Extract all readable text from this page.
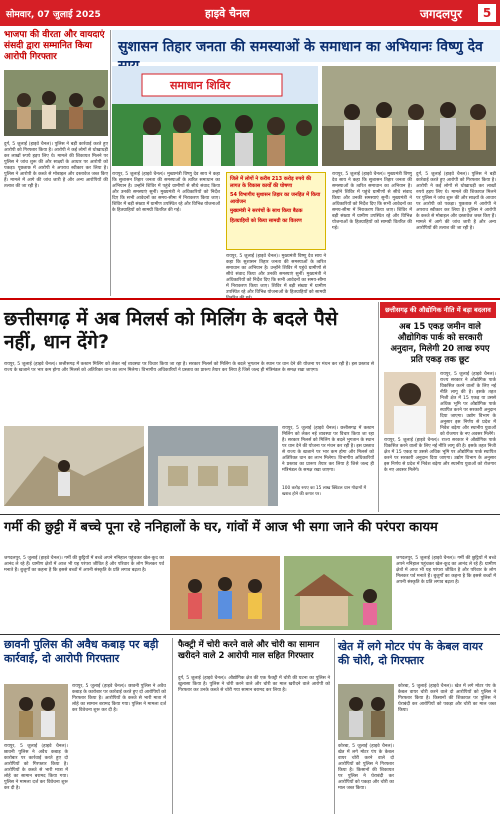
सोमवार, 07 जुलाई 2025	हाइवे चैनल	जगदलपुर	5
भाजपा की वीरता और वायदाएं संसदी द्वारा सम्मानित किया आरोपी गिरफ्तार
दुर्ग, 5 जुलाई (हाइवे चैनल)। पुलिस ने बड़ी कार्रवाई करते हुए आरोपी को गिरफ्तार किया है। आरोपी ने कई लोगों से धोखाधड़ी कर लाखों रुपये हड़प लिए थे। मामले की शिकायत मिलने पर पुलिस ने जांच शुरू की और साक्ष्यों के आधार पर आरोपी को पकड़ा। पूछताछ में आरोपी ने अपराध स्वीकार कर लिया है। पुलिस ने आरोपी के कब्जे से मोबाइल और दस्तावेज जब्त किए हैं। मामले में आगे की जांच जारी है और अन्य आरोपियों की तलाश की जा रही है।
सुशासन तिहार जनता की समस्याओं के समाधान का अभियानः विष्णु देव
समाधान शिविर
रायपुर, 5 जुलाई (हाइवे चैनल)। मुख्यमंत्री विष्णु देव साय ने कहा कि सुशासन तिहार जनता की समस्याओं के त्वरित समाधान का अभियान है। उन्होंने शिविर में पहुंचे ग्रामीणों से सीधे संवाद किया और उनकी समस्याएं सुनीं। मुख्यमंत्री ने अधिकारियों को निर्देश दिए कि सभी आवेदनों का समय-सीमा में निराकरण किया जाए। शिविर में बड़ी संख्या में ग्रामीण उपस्थित रहे और विभिन्न योजनाओं के हितग्राहियों को सामग्री वितरित की गई।
जिले में लोगों ने करीब 213 करोड़ रुपये की लागत के विकास कार्यों की घोषणा
54 विभागीय सुशासन तिहार का जनहित में किया आयोजन
मुख्यमंत्री ने सरपंचों के साथ किया बैठक
हितग्राहियों को किया सामग्री का वितरण
रायपुर, 5 जुलाई (हाइवे चैनल)। मुख्यमंत्री विष्णु देव साय ने कहा कि सुशासन तिहार जनता की समस्याओं के त्वरित समाधान का अभियान है। उन्होंने शिविर में पहुंचे ग्रामीणों से सीधे संवाद किया और उनकी समस्याएं सुनीं। मुख्यमंत्री ने अधिकारियों को निर्देश दिए कि सभी आवेदनों का समय-सीमा में निराकरण किया जाए। शिविर में बड़ी संख्या में ग्रामीण उपस्थित रहे और विभिन्न योजनाओं के हितग्राहियों को सामग्री
रायपुर, 5 जुलाई (हाइवे चैनल)। मुख्यमंत्री विष्णु देव साय ने कहा कि सुशासन तिहार जनता की समस्याओं के त्वरित समाधान का अभियान है। उन्होंने शिविर में पहुंचे ग्रामीणों से सीधे संवाद किया और उनकी समस्याएं सुनीं। मुख्यमंत्री ने अधिकारियों को निर्देश दिए कि सभी आवेदनों का समय-सीमा में निराकरण किया जाए। शिविर में बड़ी संख्या में ग्रामीण उपस्थित रहे और विभिन्न योजनाओं के हितग्राहियों को सामग्री वितरित की गई।
दुर्ग, 5 जुलाई (हाइवे चैनल)। पुलिस ने बड़ी कार्रवाई करते हुए आरोपी को गिरफ्तार किया है। आरोपी ने कई लोगों से धोखाधड़ी कर लाखों रुपये हड़प लिए थे। मामले की शिकायत मिलने पर पुलिस ने जांच शुरू की और साक्ष्यों के आधार पर आरोपी को पकड़ा। पूछताछ में आरोपी ने अपराध स्वीकार कर लिया है। पुलिस ने आरोपी के कब्जे से मोबाइल और दस्तावेज जब्त किए हैं। मामले में आगे की जांच जारी है और अन्य आरोपियों की तलाश की जा रही है।
छत्तीसगढ़ में अब मिलर्स को मिलिंग के बदले पैसे नहीं, धान देंगे?
रायपुर, 5 जुलाई (हाइवे चैनल)। छत्तीसगढ़ में कस्टम मिलिंग को लेकर नई व्यवस्था पर विचार किया जा रहा है। सरकार मिलर्स को मिलिंग के बदले भुगतान के स्थान पर धान देने की योजना पर मंथन कर रही है। इस प्रस्ताव से राज्य के खजाने पर भार कम होगा और मिलर्स को अतिरिक्त धान का लाभ मिलेगा। विभागीय अधिकारियों ने प्रस्ताव का प्रारूप तैयार कर लिया है जिसे जल्द ही मंत्रिमंडल के समक्ष रखा जाएगा।
100 करोड़ रुपए का 15 लाख क्विंटल धान गोदामों में खराब होने की कगार पर।
रायपुर, 5 जुलाई (हाइवे चैनल)। छत्तीसगढ़ में कस्टम मिलिंग को लेकर नई व्यवस्था पर विचार किया जा रहा है। सरकार मिलर्स को मिलिंग के बदले भुगतान के स्थान पर धान देने की योजना पर मंथन कर रही है। इस प्रस्ताव से राज्य के खजाने पर भार कम होगा और मिलर्स को अतिरिक्त धान का लाभ मिलेगा। विभागीय अधिकारियों ने प्रस्ताव का प्रारूप तैयार कर लिया है जिसे जल्द ही मंत्रिमंडल के समक्ष रखा जाएगा।
छत्तीसगढ़ की औद्योगिक नीति में बड़ा बदलाव
अब 15 एकड़ जमीन वाले औद्योगिक पार्क को सरकारी अनुदान, मिलेगी 20 लाख रुपए प्रति एकड़ तक छूट
रायपुर, 5 जुलाई (हाइवे चैनल)। राज्य सरकार ने औद्योगिक पार्क विकसित करने वालों के लिए नई नीति लागू की है। इसके तहत निजी क्षेत्र में 15 एकड़ या उससे अधिक भूमि पर औद्योगिक पार्क स्थापित करने पर सरकारी अनुदान दिया जाएगा। उद्योग विभाग के अनुसार इस निर्णय से प्रदेश में निवेश बढ़ेगा और स्थानीय युवाओं को रोजगार के नए अवसर मिलेंगे।
रायपुर, 5 जुलाई (हाइवे चैनल)। राज्य सरकार ने औद्योगिक पार्क विकसित करने वालों के लिए नई नीति लागू की है। इसके तहत निजी क्षेत्र में 15 एकड़ या उससे अधिक भूमि पर औद्योगिक पार्क स्थापित करने पर सरकारी अनुदान दिया जाएगा। उद्योग विभाग के अनुसार इस निर्णय से प्रदेश में निवेश बढ़ेगा और स्थानीय युवाओं को रोजगार के नए अवसर मिलेंगे।
गर्मी की छुट्टी में बच्चे पूना रहे ननिहालों के घर, गांवों में आज भी सगा जाने की परंपरा कायम
जगदलपुर, 5 जुलाई (हाइवे चैनल)। गर्मी की छुट्टियों में बच्चे अपने ननिहाल पहुंचकर खेल-कूद का आनंद ले रहे हैं। ग्रामीण क्षेत्रों में आज भी यह परंपरा जीवित है और परिवार के लोग मिलकर पर्व मनाते हैं। बुजुर्गों का कहना है कि इससे बच्चों में अपनी संस्कृति के प्रति लगाव बढ़ता है।
जगदलपुर, 5 जुलाई (हाइवे चैनल)। गर्मी की छुट्टियों में बच्चे अपने ननिहाल पहुंचकर खेल-कूद का आनंद ले रहे हैं। ग्रामीण क्षेत्रों में आज भी यह परंपरा जीवित है और परिवार के लोग मिलकर पर्व मनाते हैं। बुजुर्गों का कहना है कि इससे बच्चों में अपनी संस्कृति के प्रति लगाव बढ़ता है।
छावनी पुलिस की अवैध कबाड़ पर बड़ी कार्रवाई, दो आरोपी गिरफ्तार
रायपुर, 5 जुलाई (हाइवे चैनल)। छावनी पुलिस ने अवैध कबाड़ के कारोबार पर कार्रवाई करते हुए दो आरोपियों को गिरफ्तार किया है। आरोपियों के कब्जे से भारी मात्रा में लोहे का सामान बरामद किया गया। पुलिस ने मामला दर्ज कर विवेचना शुरू कर दी है।
रायपुर, 5 जुलाई (हाइवे चैनल)। छावनी पुलिस ने अवैध कबाड़ के कारोबार पर कार्रवाई करते हुए दो आरोपियों को गिरफ्तार किया है। आरोपियों के कब्जे से भारी मात्रा में लोहे का सामान बरामद किया गया। पुलिस ने मामला दर्ज कर विवेचना शुरू कर दी है।
फैक्ट्री में चोरी करने वाले और चोरी का सामान खरीदने वाले 2 आरोपी माल सहित गिरफ्तार
दुर्ग, 5 जुलाई (हाइवे चैनल)। औद्योगिक क्षेत्र की एक फैक्ट्री में चोरी की घटना का पुलिस ने खुलासा किया है। पुलिस ने चोरी करने वाले और चोरी का माल खरीदने वाले आरोपी को गिरफ्तार कर उनके कब्जे से चोरी गया सामान बरामद कर लिया है।
खेत में लगे मोटर पंप के केबल वायर की चोरी, दो गिरफ्तार
कोरबा, 5 जुलाई (हाइवे चैनल)। खेत में लगे मोटर पंप के केबल वायर चोरी करने वाले दो आरोपियों को पुलिस ने गिरफ्तार किया है। किसानों की शिकायत पर पुलिस ने घेराबंदी कर आरोपियों को पकड़ा और चोरी का माल जब्त किया।
कोरबा, 5 जुलाई (हाइवे चैनल)। खेत में लगे मोटर पंप के केबल वायर चोरी करने वाले दो आरोपियों को पुलिस ने गिरफ्तार किया है। किसानों की शिकायत पर पुलिस ने घेराबंदी कर आरोपियों को पकड़ा और चोरी का माल जब्त किया।
